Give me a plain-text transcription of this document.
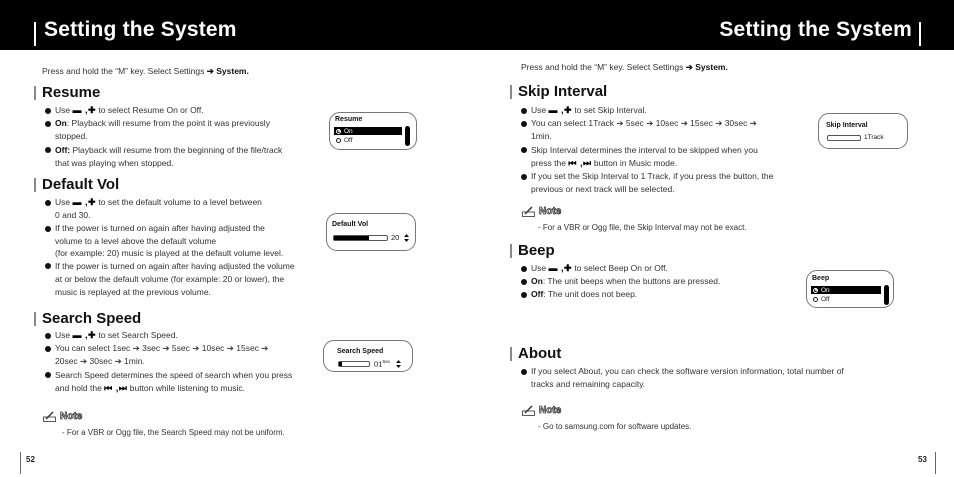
Setting the System	Setting the System
Press and hold the “M” key. Select Settings ➔ System.
Resume
Use ▬ ,✚ to select Resume On or Off.
On: Playback will resume from the point it was previously
stopped.
Off: Playback will resume from the beginning of the file/track
that was playing when stopped.
Resume
On
Off
Default Vol
Use ▬ ,✚ to set the default volume to a level between
0 and 30.
If the power is turned on again after having adjusted the
volume to a level above the default volume
(for example: 20) music is played at the default volume level.
If the power is turned on again after having adjusted the volume
at or below the default volume (for example: 20 or lower), the
music is replayed at the previous volume.
Default Vol
20
Search Speed
Use ▬ ,✚ to set Search Speed.
You can select 1sec ➔ 3sec ➔ 5sec ➔ 10sec ➔ 15sec ➔
20sec ➔ 30sec ➔ 1min.
Search Speed determines the speed of search when you press
and hold the ⏮ ,⏭ button while listening to music.
Search Speed
$01^{Sec}$
Note
- For a VBR or Ogg file, the Search Speed may not be uniform.
52
Press and hold the “M” key. Select Settings ➔ System.
Skip Interval
Use ▬ ,✚ to set Skip Interval.
You can select 1Track ➔ 5sec ➔ 10sec ➔ 15sec ➔ 30sec ➔
1min.
Skip Interval determines the interval to be skipped when you
press the ⏮ ,⏭ button in Music mode.
If you set the Skip Interval to 1 Track, if you press the button, the
previous or next track will be selected.
Skip Interval
1Track
Note
- For a VBR or Ogg file, the Skip Interval may not be exact.
Beep
Use ▬ ,✚ to select Beep On or Off.
On: The unit beeps when the buttons are pressed.
Off: The unit does not beep.
Beep
On
Off
About
If you select About, you can check the software version information, total number of
tracks and remaining capacity.
Note
- Go to samsung.com for software updates.
53
